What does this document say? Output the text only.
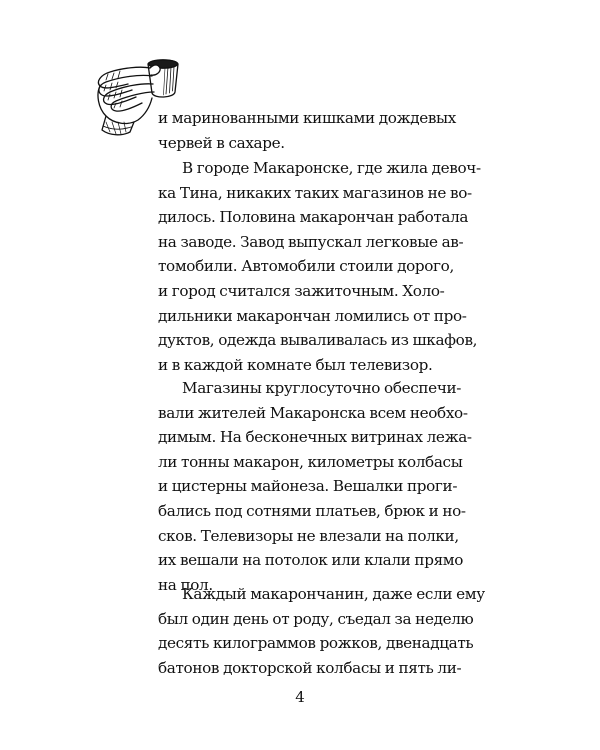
и маринованными кишками дождевых
червей в сахаре.
В городе Макаронске, где жила девоч-
ка Тина, никаких таких магазинов не во-
дилось. Половина макарончан работала
на заводе. Завод выпускал легковые ав-
томобили. Автомобили стоили дорого,
и город считался зажиточным. Холо-
дильники макарончан ломились от про-
дуктов, одежда вываливалась из шкафов,
и в каждой комнате был телевизор.
Магазины круглосуточно обеспечи-
вали жителей Макаронска всем необхо-
димым. На бесконечных витринах лежа-
ли тонны макарон, километры колбасы
и цистерны майонеза. Вешалки проги-
бались под сотнями платьев, брюк и но-
сков. Телевизоры не влезали на полки,
их вешали на потолок или клали прямо
на пол.
Каждый макарончанин, даже если ему
был один день от роду, съедал за неделю
десять килограммов рожков, двенадцать
батонов докторской колбасы и пять ли-
4
